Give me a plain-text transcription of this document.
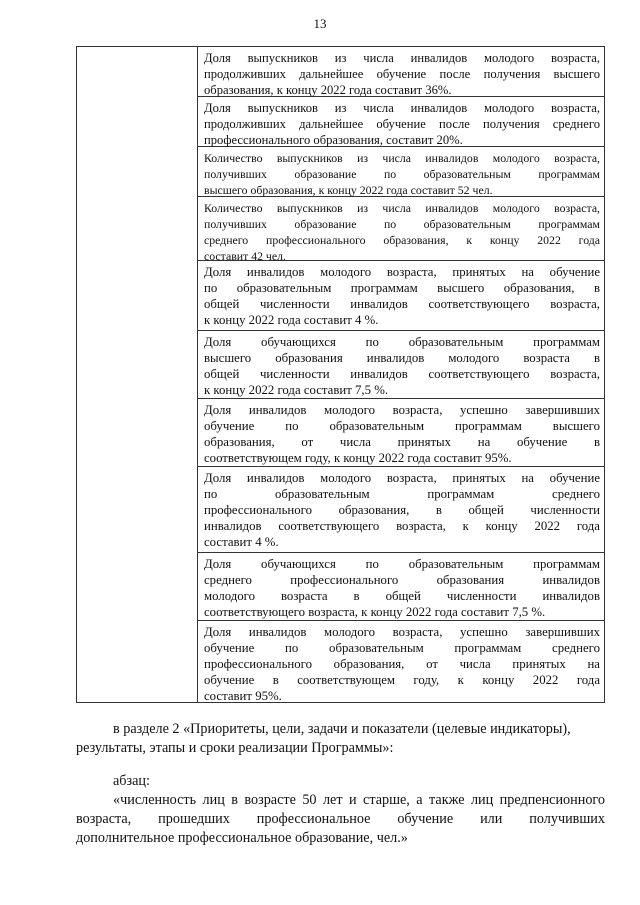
13
Доля выпускников из числа инвалидов молодого возраста,
продолживших дальнейшее обучение после получения высшего
образования, к концу 2022 года составит 36%.
Доля выпускников из числа инвалидов молодого возраста,
продолживших дальнейшее обучение после получения среднего
профессионального образования, составит 20%.
Количество выпускников из числа инвалидов молодого возраста,
получивших образование по образовательным программам
высшего образования, к концу 2022 года составит 52 чел.
Количество выпускников из числа инвалидов молодого возраста,
получивших образование по образовательным программам
среднего профессионального образования, к концу 2022 года
составит 42 чел.
Доля инвалидов молодого возраста, принятых на обучение
по образовательным программам высшего образования, в
общей численности инвалидов соответствующего возраста,
к концу 2022 года составит 4 %.
Доля обучающихся по образовательным программам
высшего образования инвалидов молодого возраста в
общей численности инвалидов соответствующего возраста,
к концу 2022 года составит 7,5 %.
Доля инвалидов молодого возраста, успешно завершивших
обучение по образовательным программам высшего
образования, от числа принятых на обучение в
соответствующем году, к концу 2022 года составит 95%.
Доля инвалидов молодого возраста, принятых на обучение
по образовательным программам среднего
профессионального образования, в общей численности
инвалидов соответствующего возраста, к концу 2022 года
составит 4 %.
Доля обучающихся по образовательным программам
среднего профессионального образования инвалидов
молодого возраста в общей численности инвалидов
соответствующего возраста, к концу 2022 года составит 7,5 %.
Доля инвалидов молодого возраста, успешно завершивших
обучение по образовательным программам среднего
профессионального образования, от числа принятых на
обучение в соответствующем году, к концу 2022 года
составит 95%.
в разделе 2 «Приоритеты, цели, задачи и показатели (целевые индикаторы),
результаты, этапы и сроки реализации Программы»:
абзац:
«численность лиц в возрасте 50 лет и старше, а также лиц предпенсионного
возраста, прошедших профессиональное обучение или получивших
дополнительное профессиональное образование, чел.»
